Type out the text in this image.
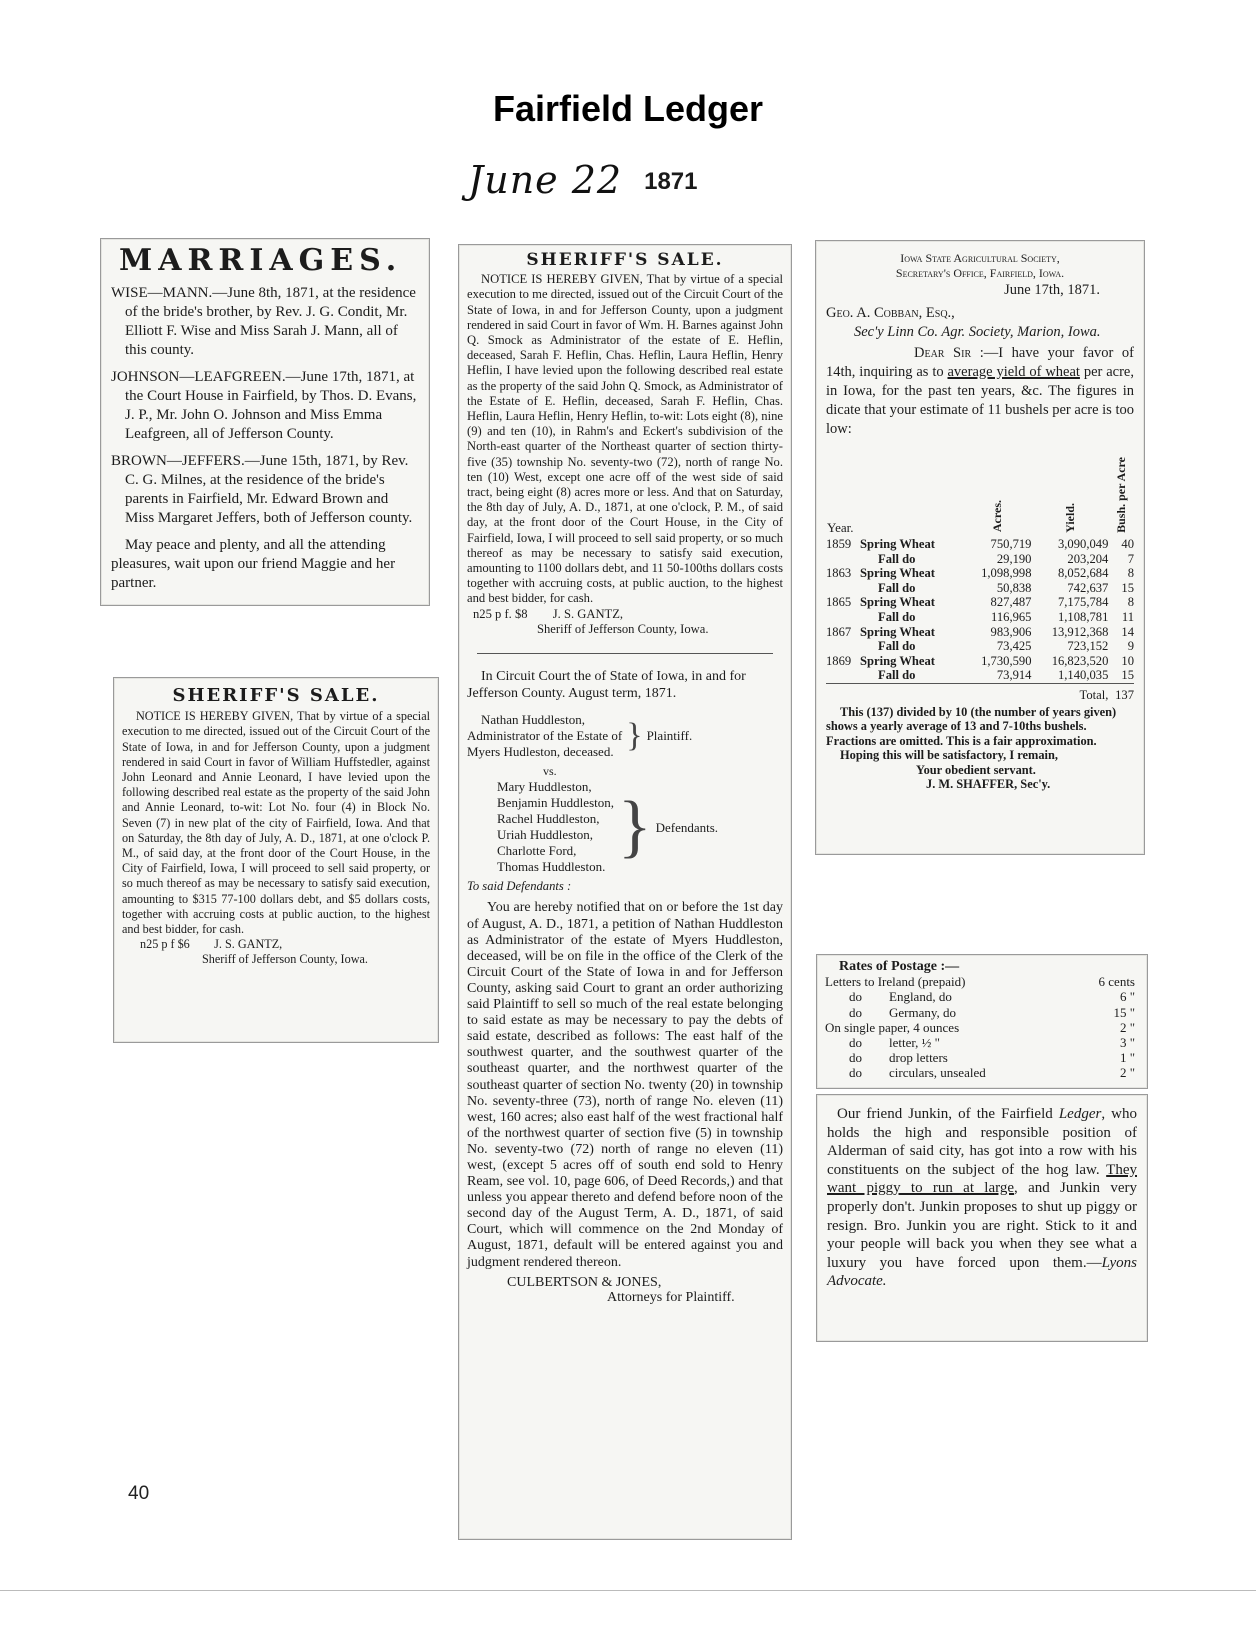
Fairfield Ledger
June 22 1871
MARRIAGES.

WISE—MANN.—June 8th, 1871, at the residence of the bride's brother, by Rev. J. G. Condit, Mr. Elliott F. Wise and Miss Sarah J. Mann, all of this county.

JOHNSON—LEAFGREEN.—June 17th, 1871, at the Court House in Fairfield, by Thos. D. Evans, J. P., Mr. John O. Johnson and Miss Emma Leafgreen, all of Jefferson County.

BROWN—JEFFERS.—June 15th, 1871, by Rev. C. G. Milnes, at the residence of the bride's parents in Fairfield, Mr. Edward Brown and Miss Margaret Jeffers, both of Jefferson county.

May peace and plenty, and all the attending pleasures, wait upon our friend Maggie and her partner.

SHERIFF'S SALE.

NOTICE IS HEREBY GIVEN, That by virtue of a special execution to me directed, issued out of the Circuit Court of the State of Iowa, in and for Jefferson County, upon a judgment rendered in said Court in favor of William Huffstedler, against John Leonard and Annie Leonard, I have levied upon the following described real estate as the property of the said John and Annie Leonard, to-wit: Lot No. four (4) in Block No. Seven (7) in new plat of the city of Fairfield, Iowa. And that on Saturday, the 8th day of July, A. D., 1871, at one o'clock P. M., of said day, at the front door of the Court House, in the City of Fairfield, Iowa, I will proceed to sell said property, or so much thereof as may be necessary to satisfy said execution, amounting to $315 77-100 dollars debt, and $5 dollars costs, together with accruing costs at public auction, to the highest and best bidder, for cash.

n25 p f $6        J. S. GANTZ,

Sheriff of Jefferson County, Iowa.

SHERIFF'S SALE.

NOTICE IS HEREBY GIVEN, That by virtue of a special execution to me directed, issued out of the Circuit Court of the State of Iowa, in and for Jefferson County, upon a judgment rendered in said Court in favor of Wm. H. Barnes against John Q. Smock as Administrator of the estate of E. Heflin, deceased, Sarah F. Heflin, Chas. Heflin, Laura Heflin, Henry Heflin, I have levied upon the following described real estate as the property of the said John Q. Smock, as Administrator of the Estate of E. Heflin, deceased, Sarah F. Heflin, Chas. Heflin, Laura Heflin, Henry Heflin, to-wit: Lots eight (8), nine (9) and ten (10), in Rahm's and Eckert's subdivision of the North-east quarter of the Northeast quarter of section thirty-five (35) township No. seventy-two (72), north of range No. ten (10) West, except one acre off of the west side of said tract, being eight (8) acres more or less. And that on Saturday, the 8th day of July, A. D., 1871, at one o'clock, P. M., of said day, at the front door of the Court House, in the City of Fairfield, Iowa, I will proceed to sell said property, or so much thereof as may be necessary to satisfy said execution, amounting to 1100 dollars debt, and 11 50-100ths dollars costs together with accruing costs, at public auction, to the highest and best bidder, for cash.

n25 p f. $8        J. S. GANTZ,

Sheriff of Jefferson County, Iowa.

In Circuit Court the of State of Iowa, in and for Jefferson County. August term, 1871.

Nathan Huddleston,
Administrator of the Estate of
Myers Hudleston, deceased. } Plaintiff.
vs.
Mary Huddleston,
Benjamin Huddleston,
Rachel Huddleston,
Uriah Huddleston,
Charlotte Ford,
Thomas Huddleston.
} Defendants.

To said Defendants :

You are hereby notified that on or before the 1st day of August, A. D., 1871, a petition of Nathan Huddleston as Administrator of the estate of Myers Huddleston, deceased, will be on file in the office of the Clerk of the Circuit Court of the State of Iowa in and for Jefferson County, asking said Court to grant an order authorizing said Plaintiff to sell so much of the real estate belonging to said estate as may be necessary to pay the debts of said estate, described as follows: The east half of the southwest quarter, and the southwest quarter of the southeast quarter, and the northwest quarter of the southeast quarter of section No. twenty (20) in township No. seventy-three (73), north of range No. eleven (11) west, 160 acres; also east half of the west fractional half of the northwest quarter of section five (5) in township No. seventy-two (72) north of range no eleven (11) west, (except 5 acres off of south end sold to Henry Ream, see vol. 10, page 606, of Deed Records,) and that unless you appear thereto and defend before noon of the second day of the August Term, A. D., 1871, of said Court, which will commence on the 2nd Monday of August, 1871, default will be entered against you and judgment rendered thereon.

CULBERTSON & JONES,

Attorneys for Plaintiff.

Iowa State Agricultural Society,
Secretary's Office, Fairfield, Iowa.
June 17th, 1871.
Geo. A. Cobban, Esq.,
Sec'y Linn Co. Agr. Society, Marion, Iowa.

Dear Sir :—I have your favor of 14th, inquiring as to average yield of wheat per acre, in Iowa, for the past ten years, &c. The figures in dicate that your estimate of 11 bushels per acre is too low:

Year.		Acres.	Yield.	Bush. per Acre
1859	Spring Wheat	750,719	3,090,049	40
	Fall do	29,190	203,204	7
1863	Spring Wheat	1,098,998	8,052,684	8
	Fall do	50,838	742,637	15
1865	Spring Wheat	827,487	7,175,784	8
	Fall do	116,965	1,108,781	11
1867	Spring Wheat	983,906	13,912,368	14
	Fall do	73,425	723,152	9
1869	Spring Wheat	1,730,590	16,823,520	10
	Fall do	73,914	1,140,035	15
Total,				137

This (137) divided by 10 (the number of years given) shows a yearly average of 13 and 7-10ths bushels. Fractions are omitted. This is a fair approximation.

Hoping this will be satisfactory, I remain,

Your obedient servant.

J. M. SHAFFER, Sec'y.

Rates of Postage :—
Letters to Ireland (prepaid)		6 cents
do	England, do	6 "
do	Germany, do	15 "
On single paper, 4 ounces		2 "
do	letter, ½ "	3 "
do	drop letters	1 "
do	circulars, unsealed	2 "

Our friend Junkin, of the Fairfield Ledger, who holds the high and responsible position of Alderman of said city, has got into a row with his constituents on the subject of the hog law. They want piggy to run at large, and Junkin very properly don't. Junkin proposes to shut up piggy or resign. Bro. Junkin you are right. Stick to it and your people will back you when they see what a luxury you have forced upon them.—Lyons Advocate.

40
